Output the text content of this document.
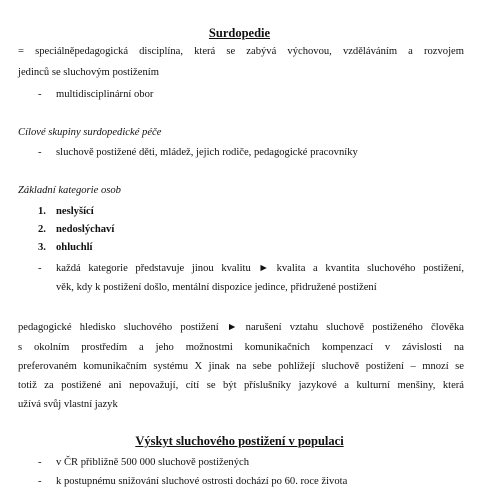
Surdopedie
= speciálněpedagogická disciplína, která se zabývá výchovou, vzděláváním a rozvojem
jedinců se sluchovým postižením
- multidisciplinární obor
Cílové skupiny surdopedické péče
- sluchově postižené děti, mládež, jejich rodiče, pedagogické pracovníky
Základní kategorie osob
1. neslyšící
2. nedoslýchaví
3. ohluchlí
- každá kategorie představuje jinou kvalitu ► kvalita a kvantita sluchového postižení,
věk, kdy k postižení došlo, mentální dispozice jedince, přidružené postižení
pedagogické hledisko sluchového postižení ► narušení vztahu sluchově postiženého člověka
s okolním prostředím a jeho možnostmi komunikačních kompenzací v závislosti na
preferovaném komunikačním systému X jinak na sebe pohlížejí sluchově postižení – mnozí se
totiž za postižené ani nepovažují, cítí se být příslušníky jazykové a kulturní menšiny, která
užívá svůj vlastní jazyk
Výskyt sluchového postižení v populaci
- v ČR přibližně 500 000 sluchově postižených
- k postupnému snižování sluchové ostrosti dochází po 60. roce života
